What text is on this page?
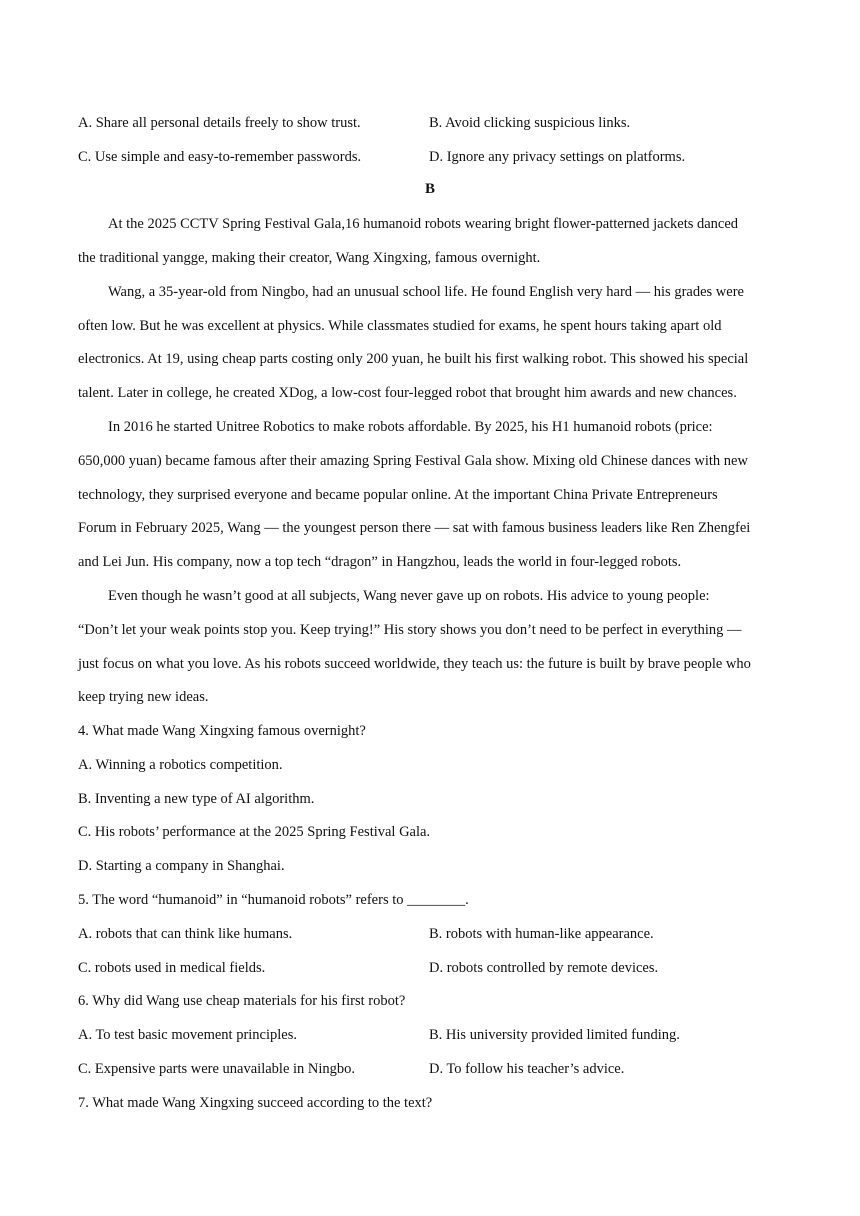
A. Share all personal details freely to show trust.	B. Avoid clicking suspicious links.
C. Use simple and easy-to-remember passwords.	D. Ignore any privacy settings on platforms.
B
At the 2025 CCTV Spring Festival Gala,16 humanoid robots wearing bright flower-patterned jackets danced
the traditional yangge, making their creator, Wang Xingxing, famous overnight.
Wang, a 35-year-old from Ningbo, had an unusual school life. He found English very hard — his grades were
often low. But he was excellent at physics. While classmates studied for exams, he spent hours taking apart old
electronics. At 19, using cheap parts costing only 200 yuan, he built his first walking robot. This showed his special
talent. Later in college, he created XDog, a low-cost four-legged robot that brought him awards and new chances.
In 2016 he started Unitree Robotics to make robots affordable. By 2025, his H1 humanoid robots (price:
650,000 yuan) became famous after their amazing Spring Festival Gala show. Mixing old Chinese dances with new
technology, they surprised everyone and became popular online. At the important China Private Entrepreneurs
Forum in February 2025, Wang — the youngest person there — sat with famous business leaders like Ren Zhengfei
and Lei Jun. His company, now a top tech “dragon” in Hangzhou, leads the world in four-legged robots.
Even though he wasn’t good at all subjects, Wang never gave up on robots. His advice to young people:
“Don’t let your weak points stop you. Keep trying!” His story shows you don’t need to be perfect in everything —
just focus on what you love. As his robots succeed worldwide, they teach us: the future is built by brave people who
keep trying new ideas.
4. What made Wang Xingxing famous overnight?
A. Winning a robotics competition.
B. Inventing a new type of AI algorithm.
C. His robots’ performance at the 2025 Spring Festival Gala.
D. Starting a company in Shanghai.
5. The word “humanoid” in “humanoid robots” refers to ________.
A. robots that can think like humans.	B. robots with human-like appearance.
C. robots used in medical fields.	D. robots controlled by remote devices.
6. Why did Wang use cheap materials for his first robot?
A. To test basic movement principles.	B. His university provided limited funding.
C. Expensive parts were unavailable in Ningbo.	D. To follow his teacher’s advice.
7. What made Wang Xingxing succeed according to the text?
